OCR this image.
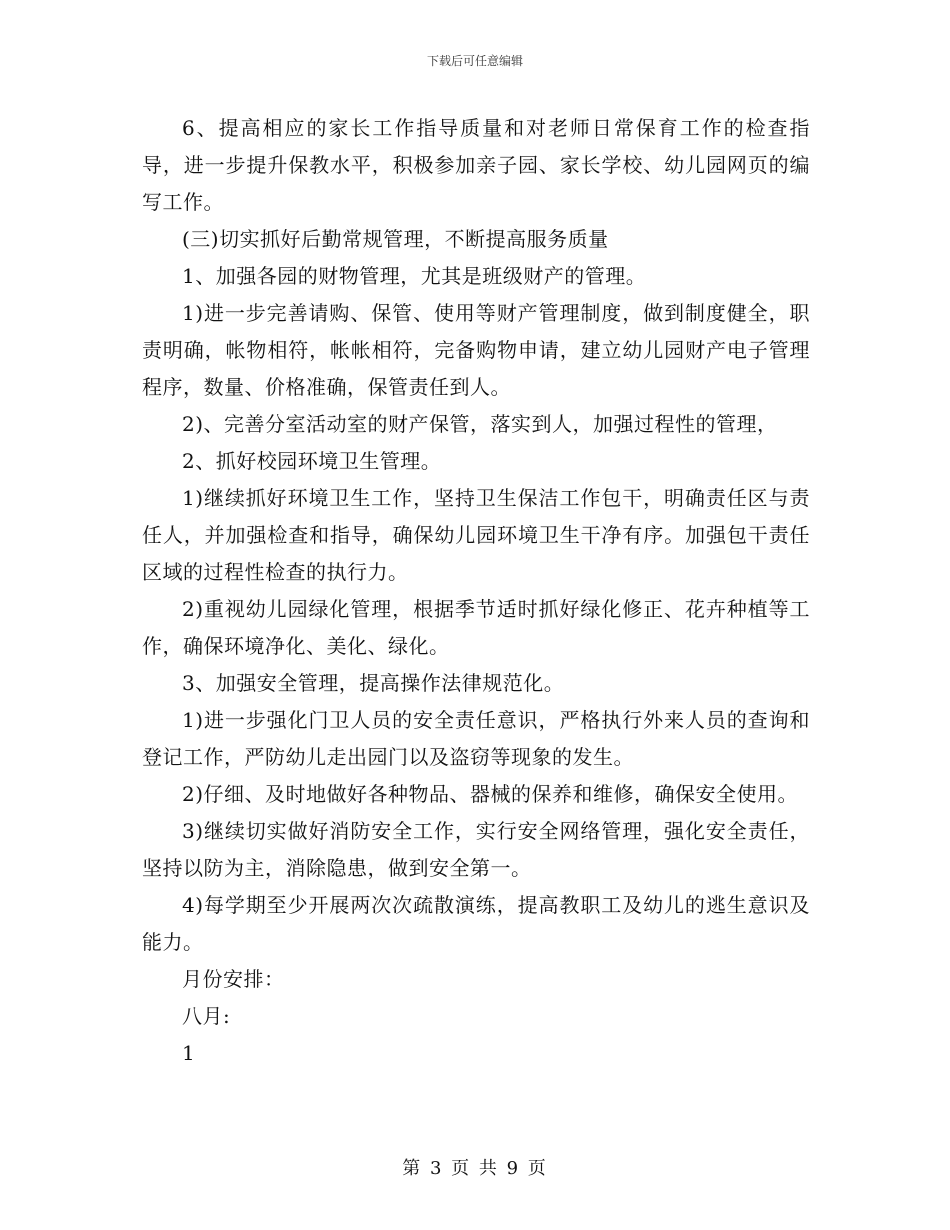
下载后可任意编辑

6、提高相应的家长工作指导质量和对老师日常保育工作的检查指导，进一步提升保教水平，积极参加亲子园、家长学校、幼儿园网页的编写工作。

(三)切实抓好后勤常规管理，不断提高服务质量

1、加强各园的财物管理，尤其是班级财产的管理。

1)进一步完善请购、保管、使用等财产管理制度，做到制度健全，职责明确，帐物相符，帐帐相符，完备购物申请，建立幼儿园财产电子管理程序，数量、价格准确，保管责任到人。

2)、完善分室活动室的财产保管，落实到人，加强过程性的管理，

2、抓好校园环境卫生管理。

1)继续抓好环境卫生工作，坚持卫生保洁工作包干，明确责任区与责任人，并加强检查和指导，确保幼儿园环境卫生干净有序。加强包干责任区域的过程性检查的执行力。

2)重视幼儿园绿化管理，根据季节适时抓好绿化修正、花卉种植等工作，确保环境净化、美化、绿化。

3、加强安全管理，提高操作法律规范化。

1)进一步强化门卫人员的安全责任意识，严格执行外来人员的查询和登记工作，严防幼儿走出园门以及盗窃等现象的发生。

2)仔细、及时地做好各种物品、器械的保养和维修，确保安全使用。

3)继续切实做好消防安全工作，实行安全网络管理，强化安全责任，坚持以防为主，消除隐患，做到安全第一。

4)每学期至少开展两次次疏散演练，提高教职工及幼儿的逃生意识及能力。

月份安排：

八月:

1

第 3 页 共 9 页
